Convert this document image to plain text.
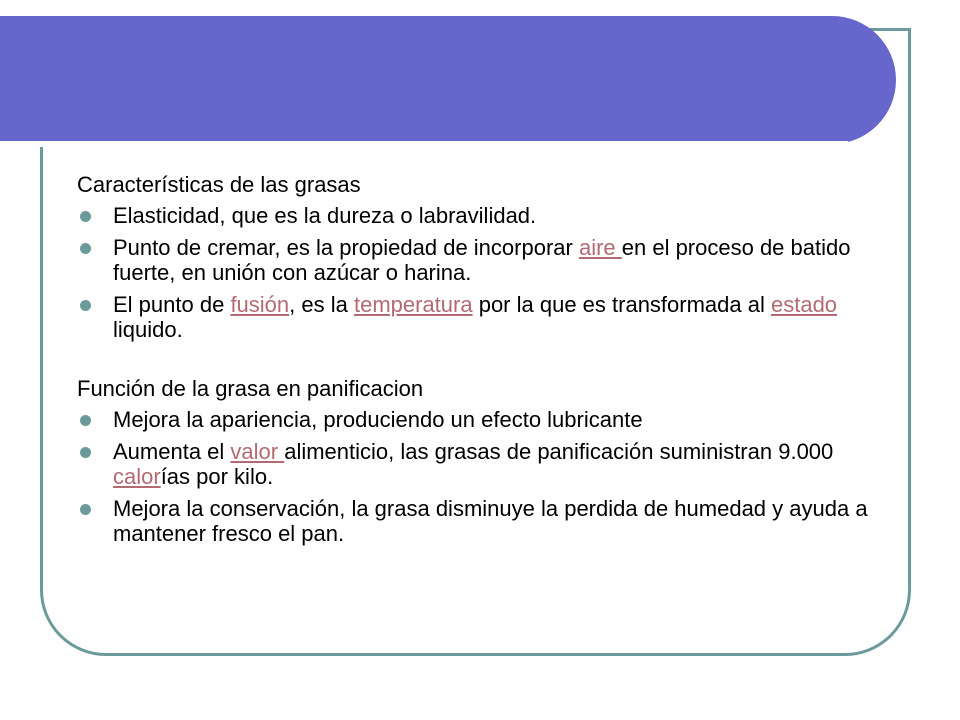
Características de las grasas
Elasticidad, que es la dureza o labravilidad.
Punto de cremar, es la propiedad de incorporar aire en el proceso de batido fuerte, en unión con azúcar o harina.
El punto de fusión, es la temperatura por la que es transformada al estado liquido.
Función de la grasa en panificacion
Mejora la apariencia, produciendo un efecto lubricante
Aumenta el valor alimenticio, las grasas de panificación suministran 9.000 calorías por kilo.
Mejora la conservación, la grasa disminuye la perdida de humedad y ayuda a mantener fresco el pan.
